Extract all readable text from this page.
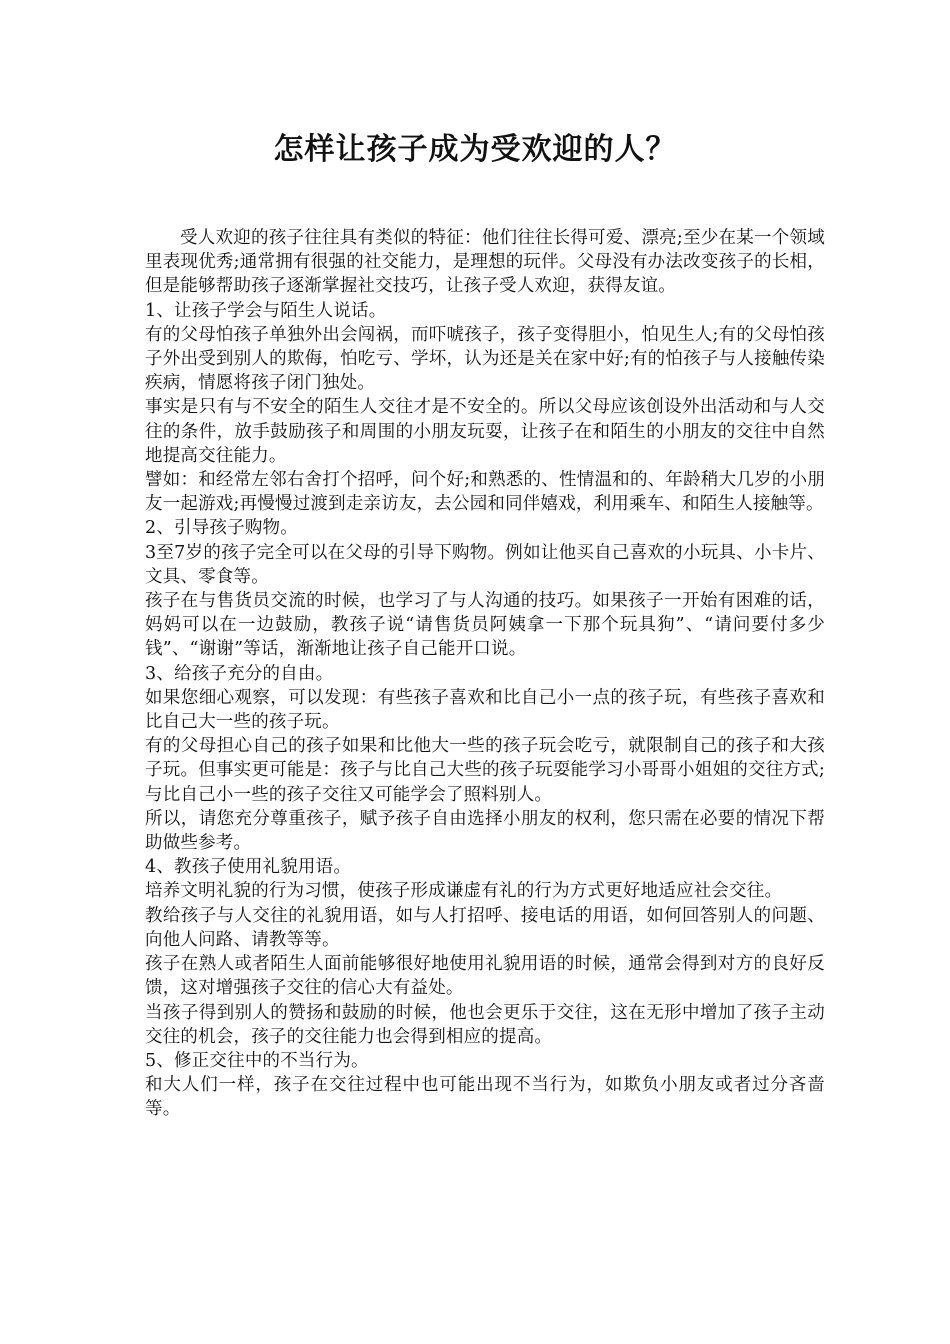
怎样让孩子成为受欢迎的人？

受人欢迎的孩子往往具有类似的特征：他们往往长得可爱、漂亮;至少在某一个领域里表现优秀;通常拥有很强的社交能力，是理想的玩伴。父母没有办法改变孩子的长相，但是能够帮助孩子逐渐掌握社交技巧，让孩子受人欢迎，获得友谊。

1、让孩子学会与陌生人说话。

有的父母怕孩子单独外出会闯祸，而吓唬孩子，孩子变得胆小，怕见生人;有的父母怕孩子外出受到别人的欺侮，怕吃亏、学坏，认为还是关在家中好;有的怕孩子与人接触传染疾病，情愿将孩子闭门独处。

事实是只有与不安全的陌生人交往才是不安全的。所以父母应该创设外出活动和与人交往的条件，放手鼓励孩子和周围的小朋友玩耍，让孩子在和陌生的小朋友的交往中自然地提高交往能力。

譬如：和经常左邻右舍打个招呼，问个好;和熟悉的、性情温和的、年龄稍大几岁的小朋友一起游戏;再慢慢过渡到走亲访友，去公园和同伴嬉戏，利用乘车、和陌生人接触等。

2、引导孩子购物。

3至7岁的孩子完全可以在父母的引导下购物。例如让他买自己喜欢的小玩具、小卡片、文具、零食等。

孩子在与售货员交流的时候，也学习了与人沟通的技巧。如果孩子一开始有困难的话，妈妈可以在一边鼓励，教孩子说“请售货员阿姨拿一下那个玩具狗”、“请问要付多少钱”、“谢谢”等话，渐渐地让孩子自己能开口说。

3、给孩子充分的自由。

如果您细心观察，可以发现：有些孩子喜欢和比自己小一点的孩子玩，有些孩子喜欢和比自己大一些的孩子玩。

有的父母担心自己的孩子如果和比他大一些的孩子玩会吃亏，就限制自己的孩子和大孩子玩。但事实更可能是：孩子与比自己大些的孩子玩耍能学习小哥哥小姐姐的交往方式;与比自己小一些的孩子交往又可能学会了照料别人。

所以，请您充分尊重孩子，赋予孩子自由选择小朋友的权利，您只需在必要的情况下帮助做些参考。

4、教孩子使用礼貌用语。

培养文明礼貌的行为习惯，使孩子形成谦虚有礼的行为方式更好地适应社会交往。

教给孩子与人交往的礼貌用语，如与人打招呼、接电话的用语，如何回答别人的问题、向他人问路、请教等等。

孩子在熟人或者陌生人面前能够很好地使用礼貌用语的时候，通常会得到对方的良好反馈，这对增强孩子交往的信心大有益处。

当孩子得到别人的赞扬和鼓励的时候，他也会更乐于交往，这在无形中增加了孩子主动交往的机会，孩子的交往能力也会得到相应的提高。

5、修正交往中的不当行为。

和大人们一样，孩子在交往过程中也可能出现不当行为，如欺负小朋友或者过分吝啬等。
